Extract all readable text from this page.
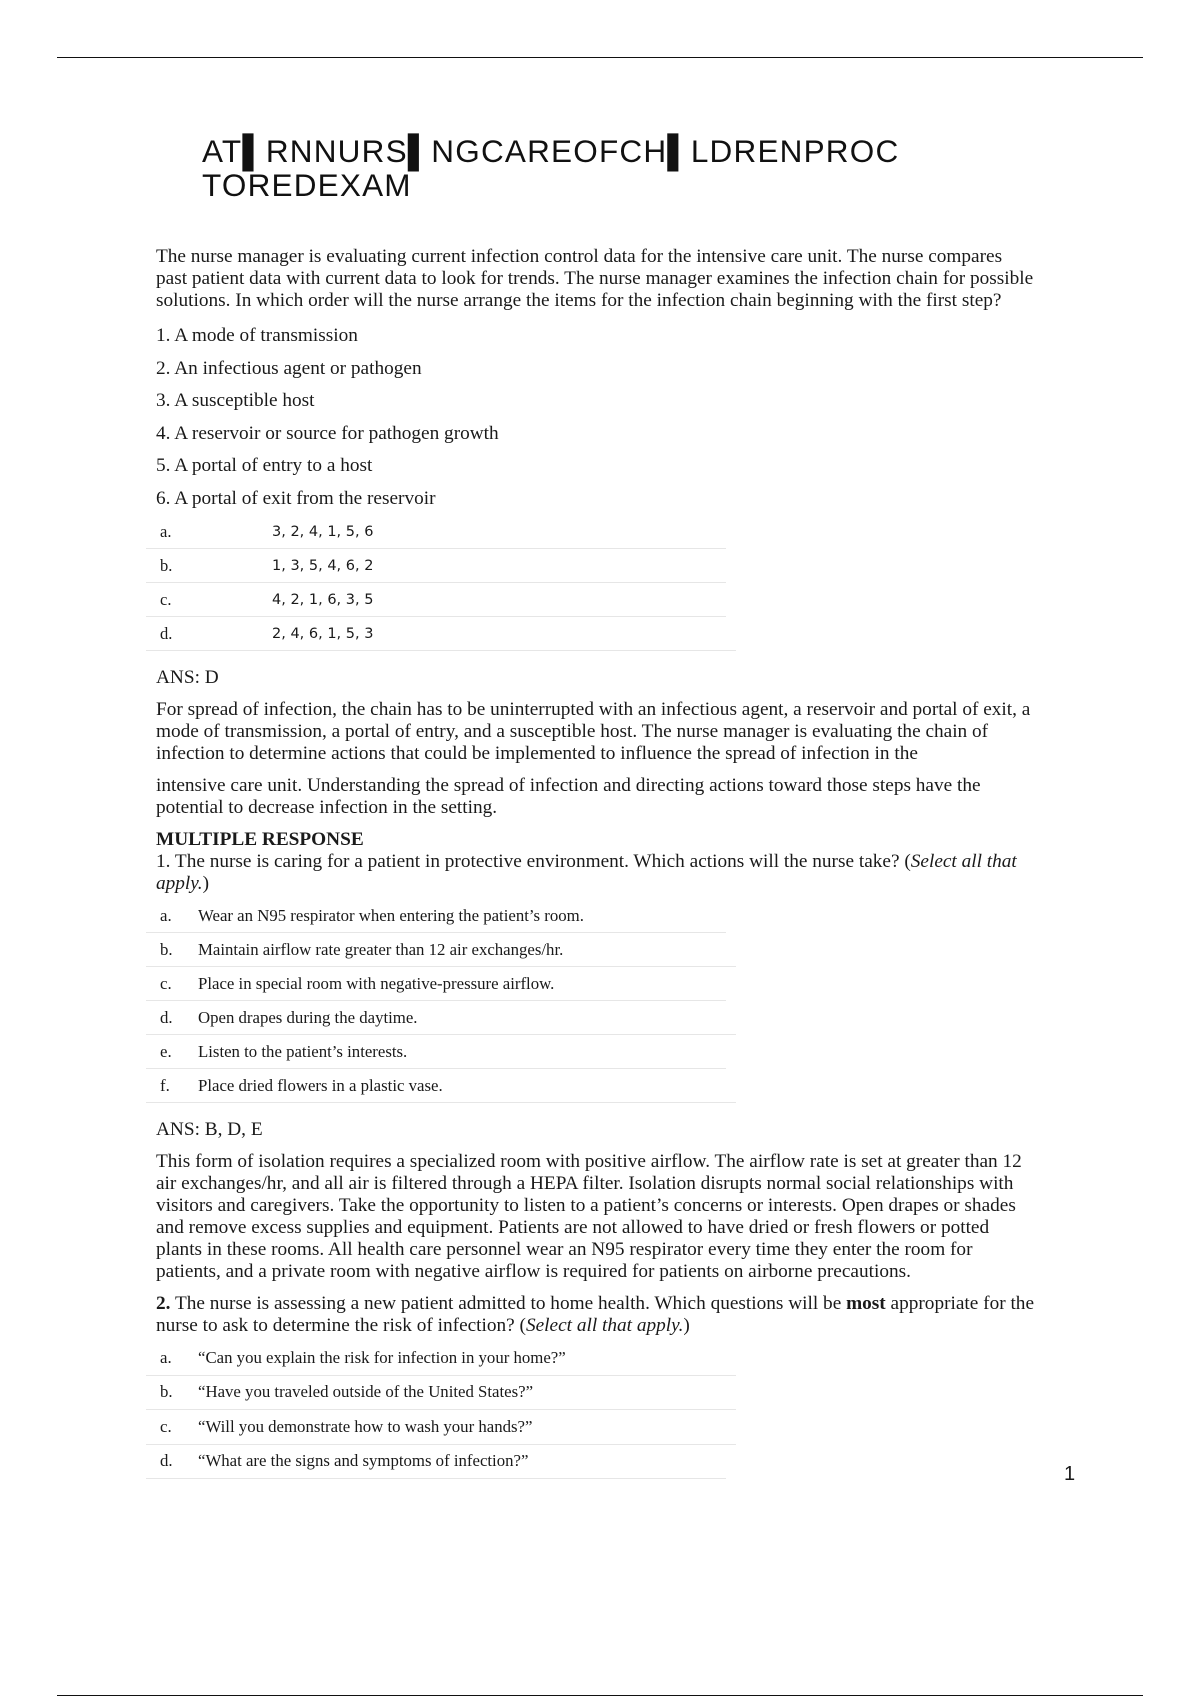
AT▌RNNURS▌NGCAREOFCH▌LDRENPROC
TOREDEXAM

The nurse manager is evaluating current infection control data for the intensive care unit. The nurse compares past patient data with current data to look for trends. The nurse manager examines the infection chain for possible solutions. In which order will the nurse arrange the items for the infection chain beginning with the first step?

1. A mode of transmission

2. An infectious agent or pathogen

3. A susceptible host

4. A reservoir or source for pathogen growth

5. A portal of entry to a host

6. A portal of exit from the reservoir

a.	3, 2, 4, 1, 5, 6
b.	1, 3, 5, 4, 6, 2
c.	4, 2, 1, 6, 3, 5
d.	2, 4, 6, 1, 5, 3

ANS: D

For spread of infection, the chain has to be uninterrupted with an infectious agent, a reservoir and portal of exit, a mode of transmission, a portal of entry, and a susceptible host. The nurse manager is evaluating the chain of infection to determine actions that could be implemented to influence the spread of infection in the

intensive care unit. Understanding the spread of infection and directing actions toward those steps have the potential to decrease infection in the setting.

MULTIPLE RESPONSE

1. The nurse is caring for a patient in protective environment. Which actions will the nurse take? (Select all that apply.)

a.	Wear an N95 respirator when entering the patient’s room.
b.	Maintain airflow rate greater than 12 air exchanges/hr.
c.	Place in special room with negative-pressure airflow.
d.	Open drapes during the daytime.
e.	Listen to the patient’s interests.
f.	Place dried flowers in a plastic vase.

ANS: B, D, E

This form of isolation requires a specialized room with positive airflow. The airflow rate is set at greater than 12 air exchanges/hr, and all air is filtered through a HEPA filter. Isolation disrupts normal social relationships with visitors and caregivers. Take the opportunity to listen to a patient’s concerns or interests. Open drapes or shades and remove excess supplies and equipment. Patients are not allowed to have dried or fresh flowers or potted plants in these rooms. All health care personnel wear an N95 respirator every time they enter the room for patients, and a private room with negative airflow is required for patients on airborne precautions.

2. The nurse is assessing a new patient admitted to home health. Which questions will be most appropriate for the nurse to ask to determine the risk of infection? (Select all that apply.)

a.	“Can you explain the risk for infection in your home?”
b.	“Have you traveled outside of the United States?”
c.	“Will you demonstrate how to wash your hands?”
d.	“What are the signs and symptoms of infection?”
1
